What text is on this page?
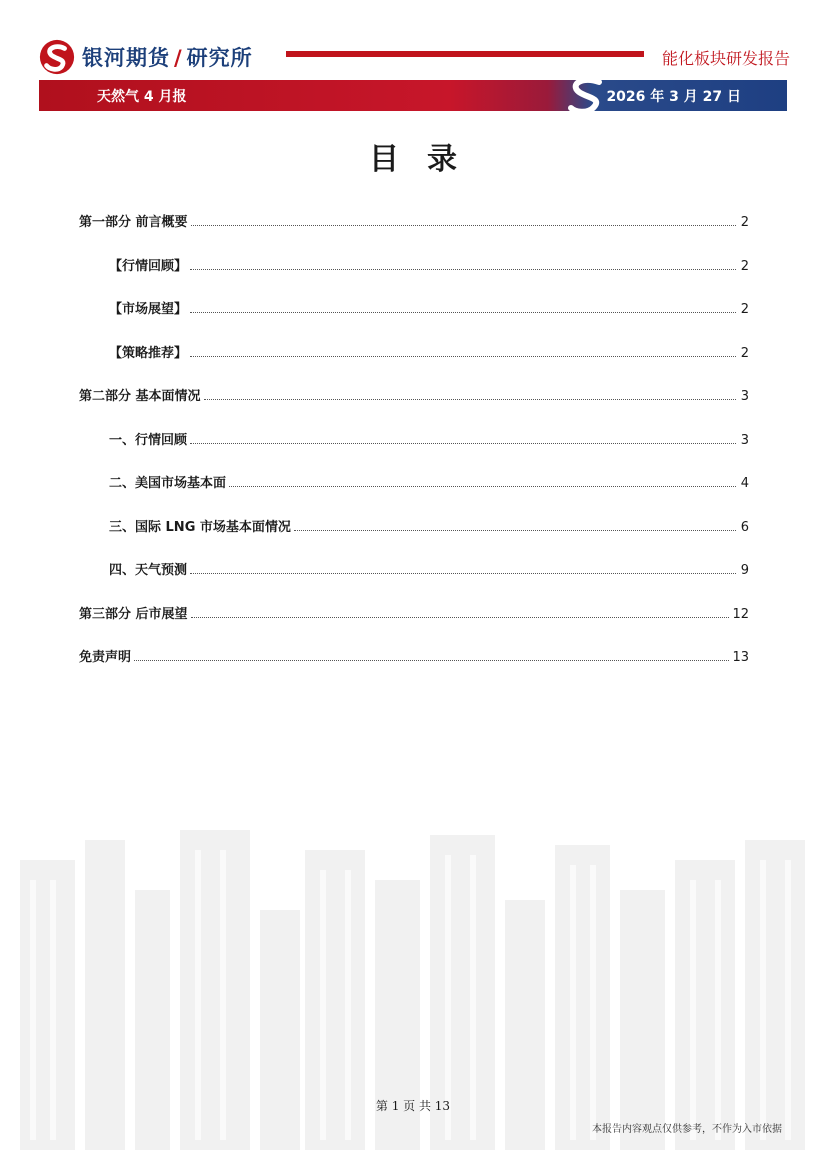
银河期货 / 研究所	能化板块研发报告
天然气 4 月报	2026 年 3 月 27 日
目录
第一部分 前言概要	2
【行情回顾】	2
【市场展望】	2
【策略推荐】	2
第二部分 基本面情况	3
一、行情回顾	3
二、美国市场基本面	4
三、国际 LNG 市场基本面情况	6
四、天气预测	9
第三部分 后市展望	12
免责声明	13
第 1 页 共 13
本报告内容观点仅供参考，不作为入市依据
